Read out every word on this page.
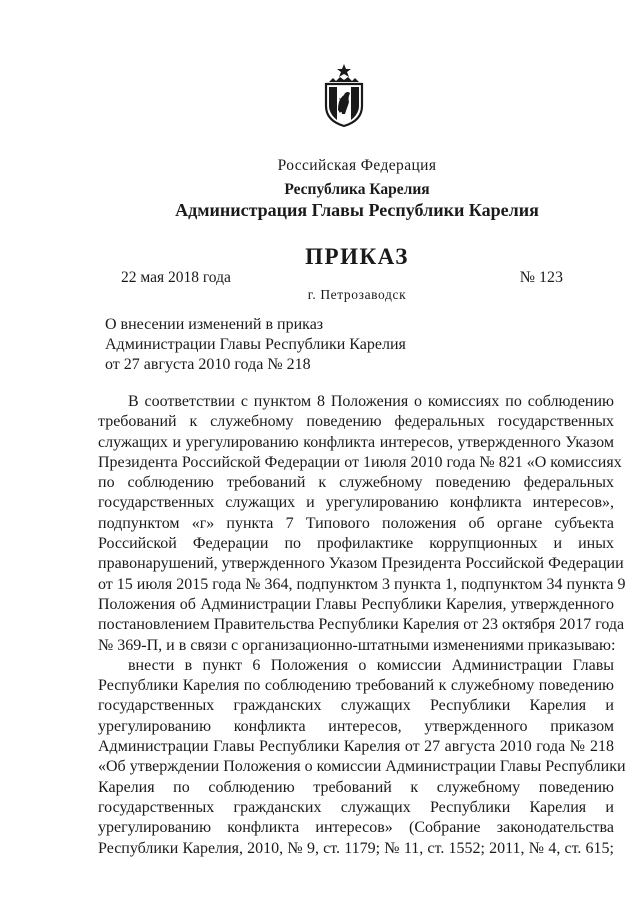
Российская Федерация
Республика Карелия
Администрация Главы Республики Карелия
ПРИКАЗ
22 мая 2018 года	№ 123
г. Петрозаводск
О внесении изменений в приказ
Администрации Главы Республики Карелия
от 27 августа 2010 года № 218
В соответствии с пунктом 8 Положения о комиссиях по соблюдению
требований к служебному поведению федеральных государственных
служащих и урегулированию конфликта интересов, утвержденного Указом
Президента Российской Федерации от 1июля 2010 года № 821 «О комиссиях
по соблюдению требований к служебному поведению федеральных
государственных служащих и урегулированию конфликта интересов»,
подпунктом «г» пункта 7 Типового положения об органе субъекта
Российской Федерации по профилактике коррупционных и иных
правонарушений, утвержденного Указом Президента Российской Федерации
от 15 июля 2015 года № 364, подпунктом 3 пункта 1, подпунктом 34 пункта 9
Положения об Администрации Главы Республики Карелия, утвержденного
постановлением Правительства Республики Карелия от 23 октября 2017 года
№ 369-П, и в связи с организационно-штатными изменениями приказываю:
внести в пункт 6 Положения о комиссии Администрации Главы
Республики Карелия по соблюдению требований к служебному поведению
государственных гражданских служащих Республики Карелия и
урегулированию конфликта интересов, утвержденного приказом
Администрации Главы Республики Карелия от 27 августа 2010 года № 218
«Об утверждении Положения о комиссии Администрации Главы Республики
Карелия по соблюдению требований к служебному поведению
государственных гражданских служащих Республики Карелия и
урегулированию конфликта интересов» (Собрание законодательства
Республики Карелия, 2010, № 9, ст. 1179; № 11, ст. 1552; 2011, № 4, ст. 615;
